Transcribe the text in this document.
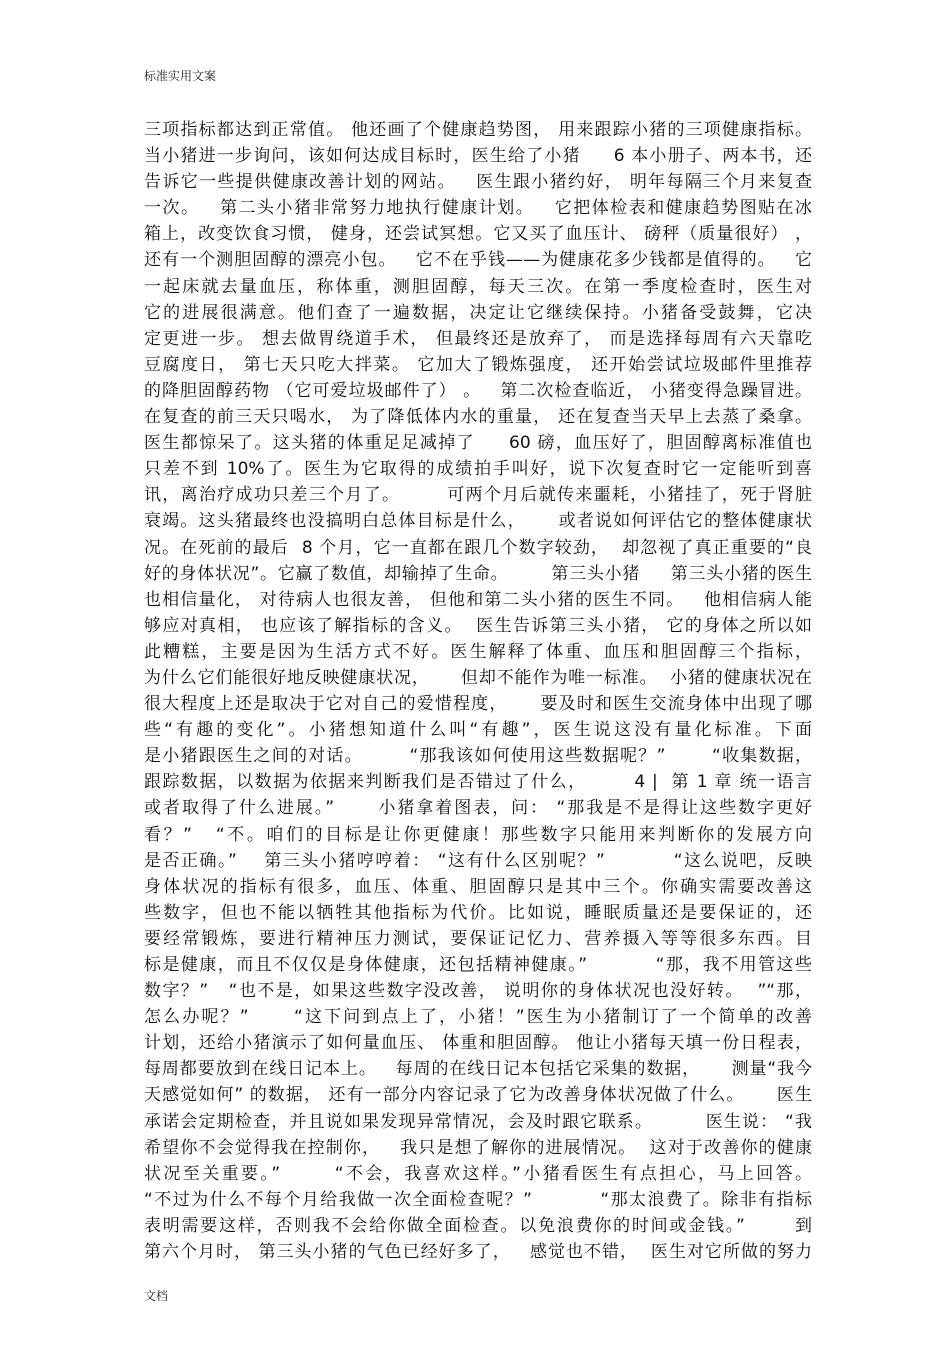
标准实用文案
三项指标都达到正常值。 他还画了个健康趋势图， 用来跟踪小猪的三项健康指标。
当小猪进一步询问，该如何达成目标时，医生给了小猪     6 本小册子、两本书，还
告诉它一些提供健康改善计划的网站。   医生跟小猪约好， 明年每隔三个月来复查
一次。   第二头小猪非常努力地执行健康计划。   它把体检表和健康趋势图贴在冰
箱上，改变饮食习惯， 健身，还尝试冥想。它又买了血压计、 磅秤（质量很好） ，
还有一个测胆固醇的漂亮小包。   它不在乎钱——为健康花多少钱都是值得的。   它
一起床就去量血压，称体重，测胆固醇，每天三次。在第一季度检查时，医生对
它的进展很满意。他们查了一遍数据，决定让它继续保持。小猪备受鼓舞，它决
定更进一步。 想去做胃绕道手术， 但最终还是放弃了， 而是选择每周有六天靠吃
豆腐度日， 第七天只吃大拌菜。 它加大了锻炼强度， 还开始尝试垃圾邮件里推荐
的降胆固醇药物 （它可爱垃圾邮件了） 。   第二次检查临近， 小猪变得急躁冒进。
在复查的前三天只喝水， 为了降低体内水的重量， 还在复查当天早上去蒸了桑拿。
医生都惊呆了。这头猪的体重足足减掉了     60 磅，血压好了，胆固醇离标准值也
只差不到 10%了。医生为它取得的成绩拍手叫好，说下次复查时它一定能听到喜
讯，离治疗成功只差三个月了。       可两个月后就传来噩耗，小猪挂了，死于肾脏
衰竭。这头猪最终也没搞明白总体目标是什么，     或者说如何评估它的整体健康状
况。在死前的最后  8 个月，它一直都在跟几个数字较劲，  却忽视了真正重要的“良
好的身体状况”。它赢了数值，却输掉了生命。       第三头小猪     第三头小猪的医生
也相信量化， 对待病人也很友善， 但他和第二头小猪的医生不同。   他相信病人能
够应对真相， 也应该了解指标的含义。  医生告诉第三头小猪， 它的身体之所以如
此糟糕，主要是因为生活方式不好。医生解释了体重、血压和胆固醇三个指标，
为什么它们能很好地反映健康状况，     但却不能作为唯一标准。  小猪的健康状况在
很大程度上还是取决于它对自己的爱惜程度，     要及时和医生交流身体中出现了哪
些“有趣的变化”。小猪想知道什么叫“有趣”，医生说这没有量化标准。下面
是小猪跟医生之间的对话。       “那我该如何使用这些数据呢？”       “收集数据，
跟踪数据，以数据为依据来判断我们是否错过了什么，       4 |  第 1 章 统一语言
或者取得了什么进展。”      小猪拿着图表，问： “那我是不是得让这些数字更好
看？”   “不。咱们的目标是让你更健康！那些数字只能用来判断你的发展方向
是否正确。”    第三头小猪哼哼着： “这有什么区别呢？”          “这么说吧，反映
身体状况的指标有很多，血压、体重、胆固醇只是其中三个。你确实需要改善这
些数字，但也不能以牺牲其他指标为代价。比如说，睡眠质量还是要保证的，还
要经常锻炼，要进行精神压力测试，要保证记忆力、营养摄入等等很多东西。目
标是健康，而且不仅仅是身体健康，还包括精神健康。”          “那，我不用管这些
数字？”   “也不是，如果这些数字没改善， 说明你的身体状况也没好转。  ”“那，
怎么办呢？”      “这下问到点上了，小猪！”医生为小猪制订了一个简单的改善
计划，还给小猪演示了如何量血压、 体重和胆固醇。 他让小猪每天填一份日程表，
每周都要放到在线日记本上。   每周的在线日记本包括它采集的数据，     测量“我今
天感觉如何” 的数据， 还有一部分内容记录了它为改善身体状况做了什么。     医生
承诺会定期检查，并且说如果发现异常情况，会及时跟它联系。        医生说： “我
希望你不会觉得我在控制你，   我只是想了解你的进展情况。  这对于改善你的健康
状况至关重要。”       “不会，我喜欢这样。”小猪看医生有点担心，马上回答。
“不过为什么不每个月给我做一次全面检查呢？”          “那太浪费了。除非有指标
表明需要这样，否则我不会给你做全面检查。以免浪费你的时间或金钱。”       到
第六个月时， 第三头小猪的气色已经好多了，   感觉也不错，  医生对它所做的努力
文档
